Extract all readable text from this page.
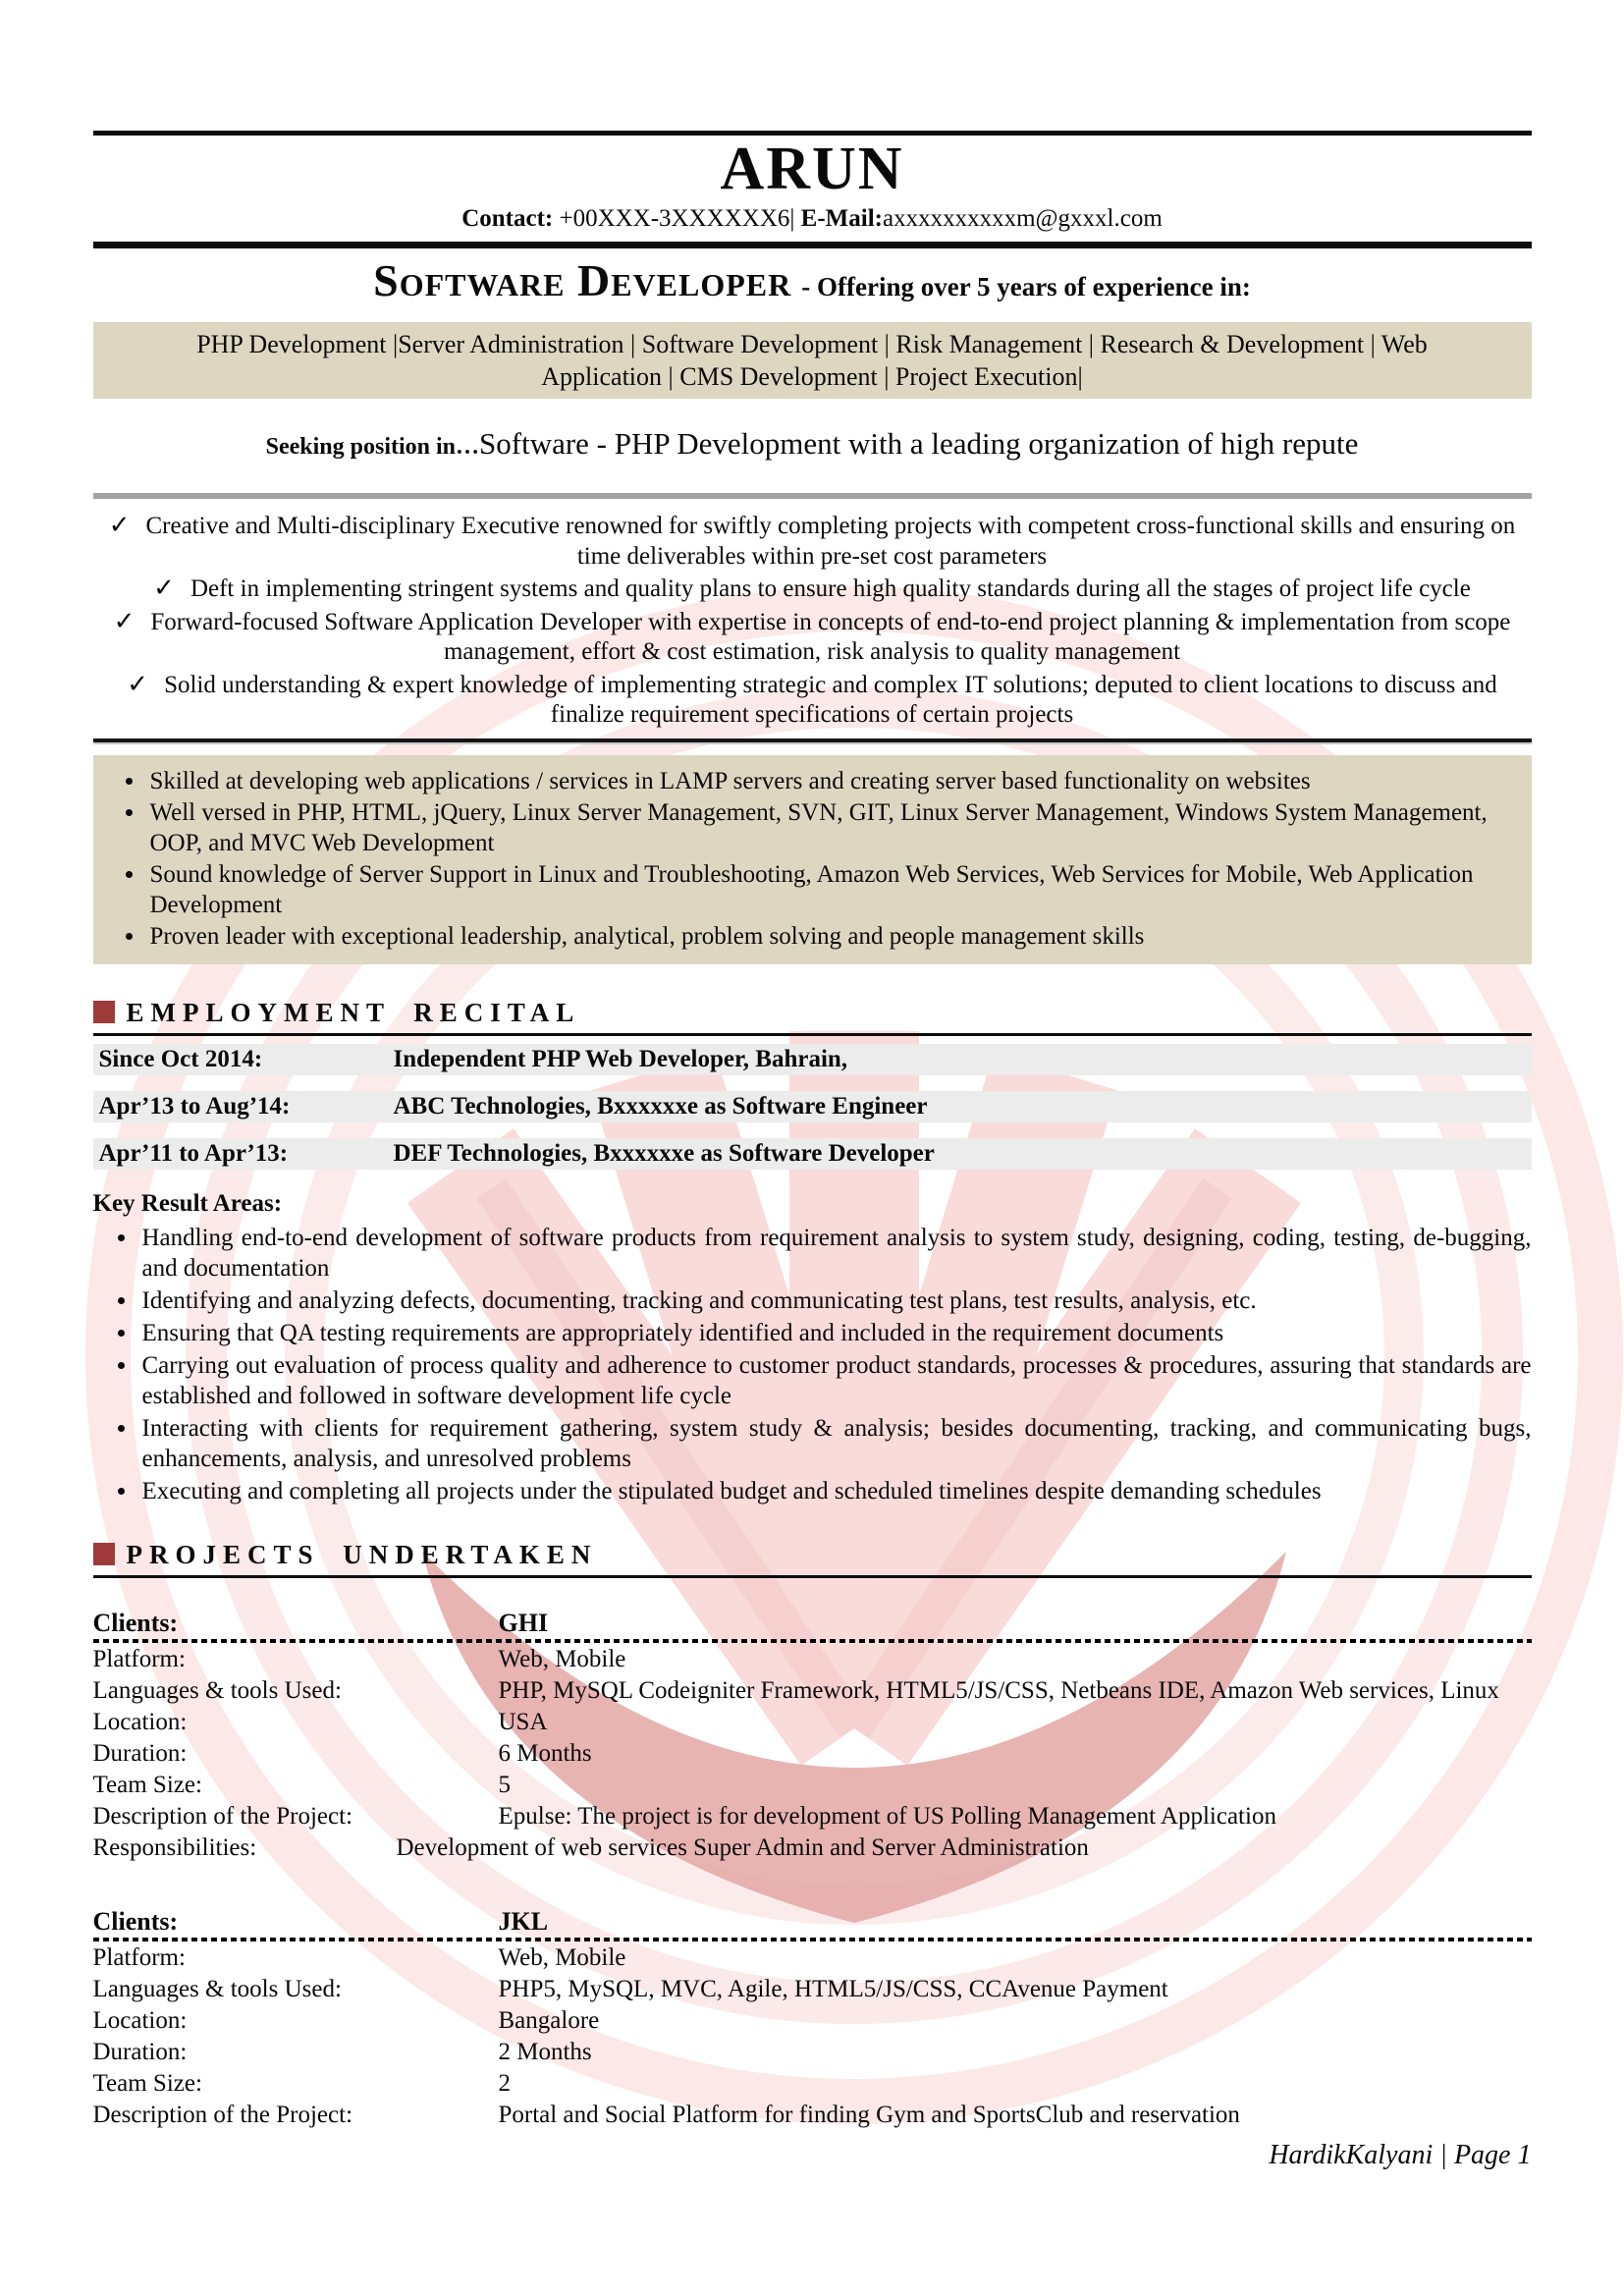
ARUN

Contact: +00XXX-3XXXXXX6| E-Mail:axxxxxxxxxxm@gxxxl.com

Software Developer - Offering over 5 years of experience in:

PHP Development |Server Administration | Software Development | Risk Management | Research & Development | Web Application | CMS Development | Project Execution|

Seeking position in…Software - PHP Development with a leading organization of high repute

✓ Creative and Multi-disciplinary Executive renowned for swiftly completing projects with competent cross-functional skills and ensuring on time deliverables within pre-set cost parameters

✓ Deft in implementing stringent systems and quality plans to ensure high quality standards during all the stages of project life cycle

✓ Forward-focused Software Application Developer with expertise in concepts of end-to-end project planning & implementation from scope management, effort & cost estimation, risk analysis to quality management

✓ Solid understanding & expert knowledge of implementing strategic and complex IT solutions; deputed to client locations to discuss and finalize requirement specifications of certain projects

• Skilled at developing web applications / services in LAMP servers and creating server based functionality on websites
• Well versed in PHP, HTML, jQuery, Linux Server Management, SVN, GIT, Linux Server Management, Windows System Management, OOP, and MVC Web Development
• Sound knowledge of Server Support in Linux and Troubleshooting, Amazon Web Services, Web Services for Mobile, Web Application Development
• Proven leader with exceptional leadership, analytical, problem solving and people management skills
EMPLOYMENT RECITAL
Since Oct 2014:	Independent PHP Web Developer, Bahrain,
Apr’13 to Aug’14:	ABC Technologies, Bxxxxxxe as Software Engineer
Apr’11 to Apr’13:	DEF Technologies, Bxxxxxxe as Software Developer

Key Result Areas:

• Handling end-to-end development of software products from requirement analysis to system study, designing, coding, testing, de-bugging, and documentation
• Identifying and analyzing defects, documenting, tracking and communicating test plans, test results, analysis, etc.
• Ensuring that QA testing requirements are appropriately identified and included in the requirement documents
• Carrying out evaluation of process quality and adherence to customer product standards, processes & procedures, assuring that standards are established and followed in software development life cycle
• Interacting with clients for requirement gathering, system study & analysis; besides documenting, tracking, and communicating bugs, enhancements, analysis, and unresolved problems
• Executing and completing all projects under the stipulated budget and scheduled timelines despite demanding schedules
PROJECTS UNDERTAKEN
Clients:	GHI
Platform:	Web, Mobile
Languages & tools Used:	PHP, MySQL Codeigniter Framework, HTML5/JS/CSS, Netbeans IDE, Amazon Web services, Linux
Location:	USA
Duration:	6 Months
Team Size:	5
Description of the Project:	Epulse: The project is for development of US Polling Management Application
Responsibilities:	Development of web services Super Admin and Server Administration
Clients:	JKL
Platform:	Web, Mobile
Languages & tools Used:	PHP5, MySQL, MVC, Agile, HTML5/JS/CSS, CCAvenue Payment
Location:	Bangalore
Duration:	2 Months
Team Size:	2
Description of the Project:	Portal and Social Platform for finding Gym and SportsClub and reservation

HardikKalyani | Page 1
